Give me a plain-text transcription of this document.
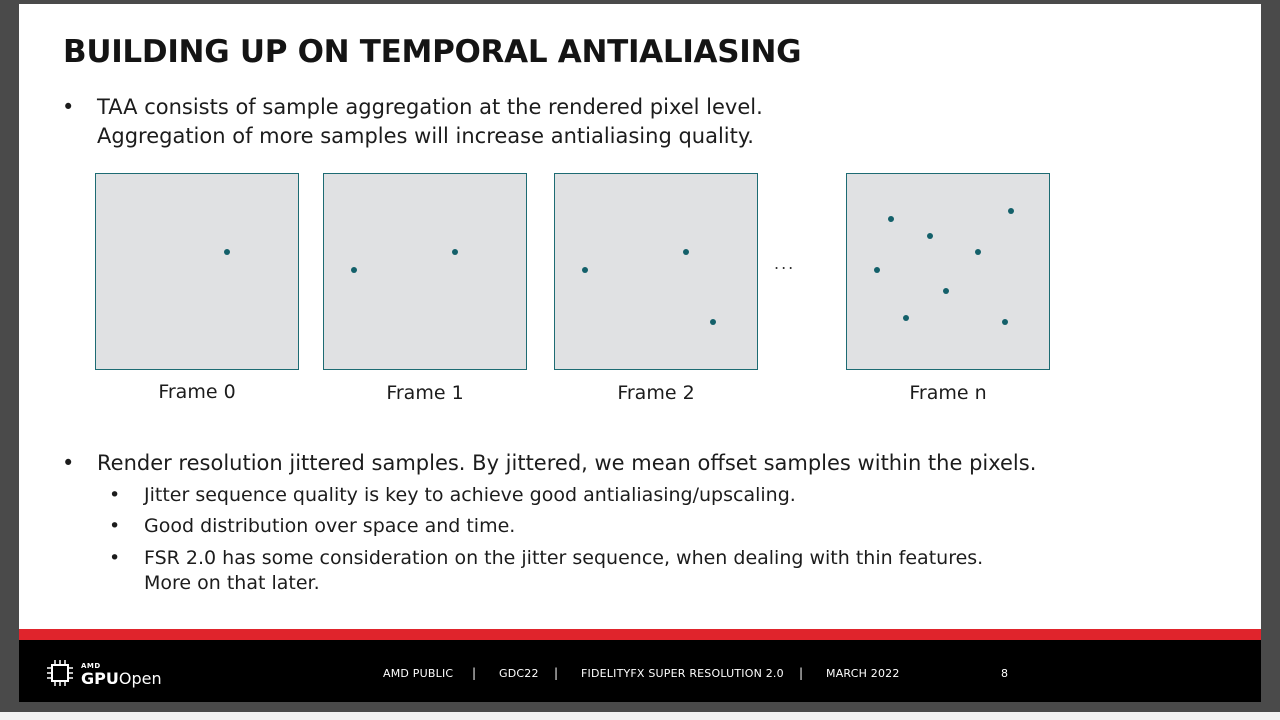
BUILDING UP ON TEMPORAL ANTIALIASING
• TAA consists of sample aggregation at the rendered pixel level.
Aggregation of more samples will increase antialiasing quality.
Frame 0	Frame 1	Frame 2	Frame n
...
• Render resolution jittered samples. By jittered, we mean offset samples within the pixels.
• Jitter sequence quality is key to achieve good antialiasing/upscaling.
• Good distribution over space and time.
• FSR 2.0 has some consideration on the jitter sequence, when dealing with thin features.
More on that later.
AMD
GPUOpen	AMD PUBLIC | GDC22 | FIDELITYFX SUPER RESOLUTION 2.0 | MARCH 2022	8
